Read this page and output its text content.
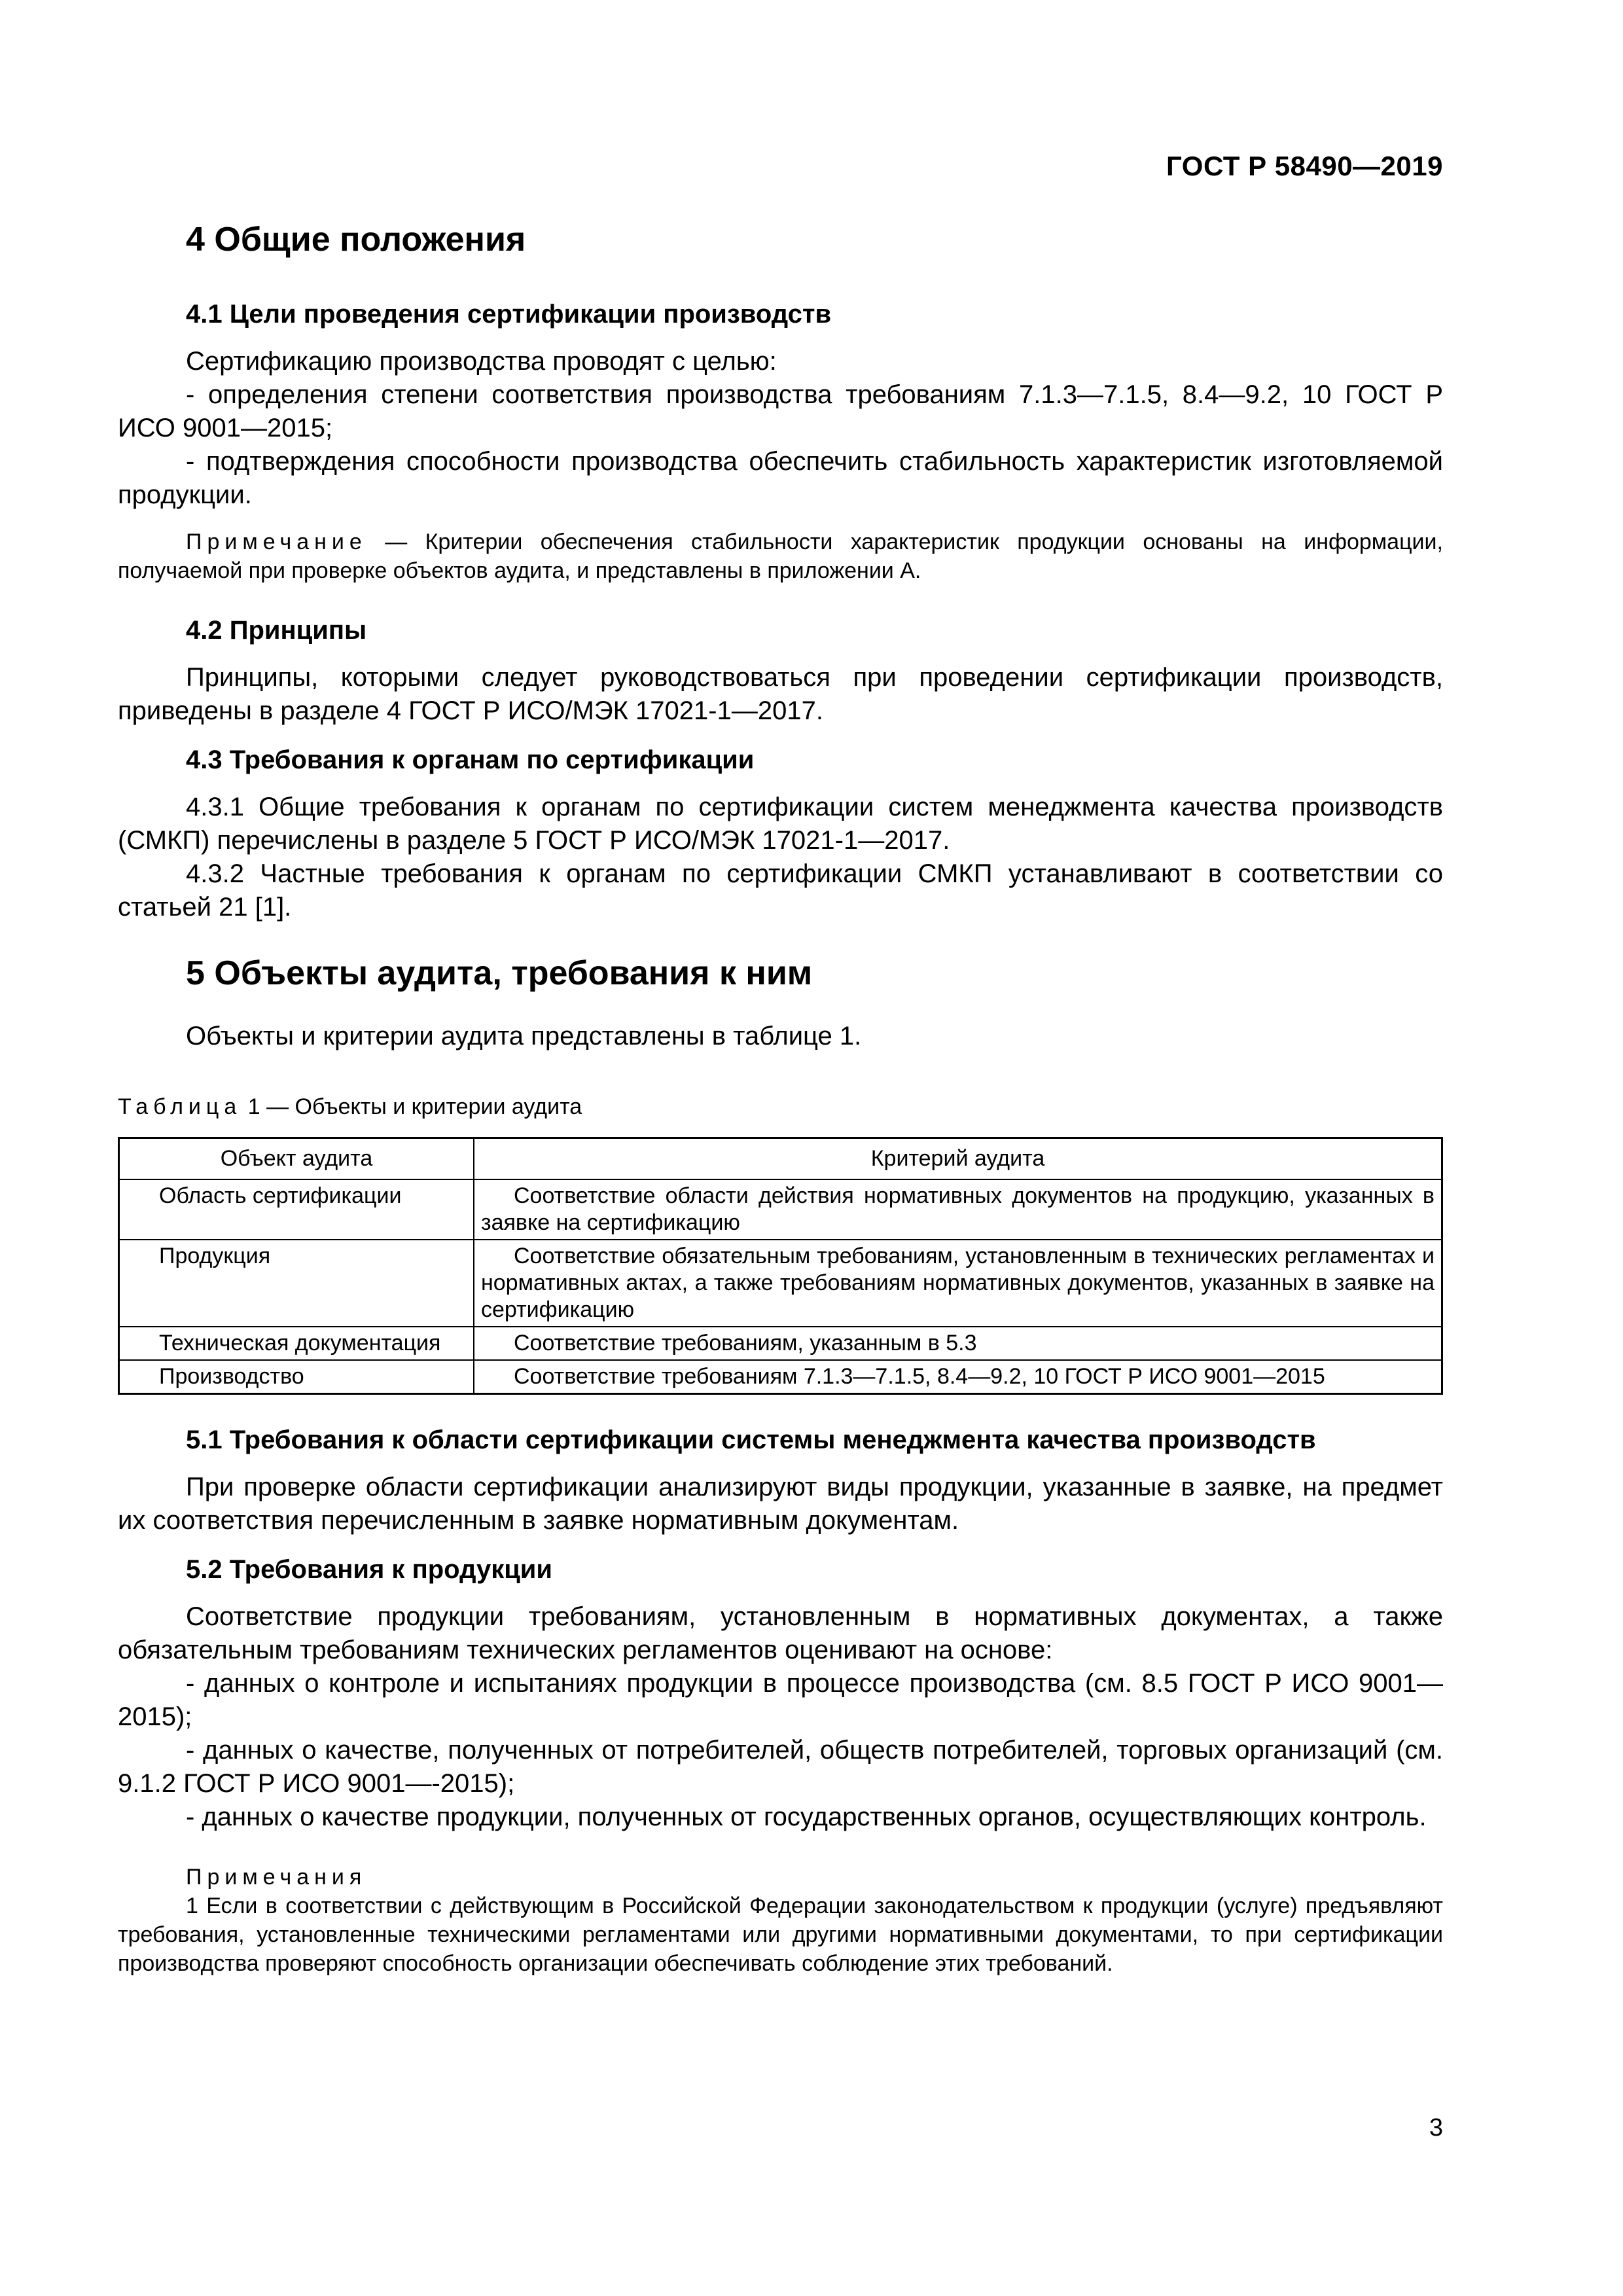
ГОСТ Р 58490—2019
4 Общие положения
4.1 Цели проведения сертификации производств

Сертификацию производства проводят с целью:

- определения степени соответствия производства требованиям 7.1.3—7.1.5, 8.4—9.2, 10 ГОСТ Р ИСО 9001—2015;

- подтверждения способности производства обеспечить стабильность характеристик изготовляемой продукции.

Примечание — Критерии обеспечения стабильности характеристик продукции основаны на информации, получаемой при проверке объектов аудита, и представлены в приложении А.
4.2 Принципы

Принципы, которыми следует руководствоваться при проведении сертификации производств, приведены в разделе 4 ГОСТ Р ИСО/МЭК 17021-1—2017.

4.3 Требования к органам по сертификации

4.3.1 Общие требования к органам по сертификации систем менеджмента качества производств (СМКП) перечислены в разделе 5 ГОСТ Р ИСО/МЭК 17021-1—2017.

4.3.2 Частные требования к органам по сертификации СМКП устанавливают в соответствии со статьей 21 [1].

5 Объекты аудита, требования к ним

Объекты и критерии аудита представлены в таблице 1.

Таблица 1 — Объекты и критерии аудита
Объект аудита	Критерий аудита
Область сертификации	Соответствие области действия нормативных документов на продукцию, указанных в заявке на сертификацию
Продукция	Соответствие обязательным требованиям, установленным в технических регламентах и нормативных актах, а также требованиям нормативных документов, указанных в заявке на сертификацию
Техническая документация	Соответствие требованиям, указанным в 5.3
Производство	Соответствие требованиям 7.1.3—7.1.5, 8.4—9.2, 10 ГОСТ Р ИСО 9001—2015
5.1 Требования к области сертификации системы менеджмента качества производств

При проверке области сертификации анализируют виды продукции, указанные в заявке, на предмет их соответствия перечисленным в заявке нормативным документам.

5.2 Требования к продукции

Соответствие продукции требованиям, установленным в нормативных документах, а также обязательным требованиям технических регламентов оценивают на основе:

- данных о контроле и испытаниях продукции в процессе производства (см. 8.5 ГОСТ Р ИСО 9001—2015);

- данных о качестве, полученных от потребителей, обществ потребителей, торговых организаций (см. 9.1.2 ГОСТ Р ИСО 9001—-2015);

- данных о качестве продукции, полученных от государственных органов, осуществляющих контроль.

Примечания
1 Если в соответствии с действующим в Российской Федерации законодательством к продукции (услуге) предъявляют требования, установленные техническими регламентами или другими нормативными документами, то при сертификации производства проверяют способность организации обеспечивать соблюдение этих требований.
3
